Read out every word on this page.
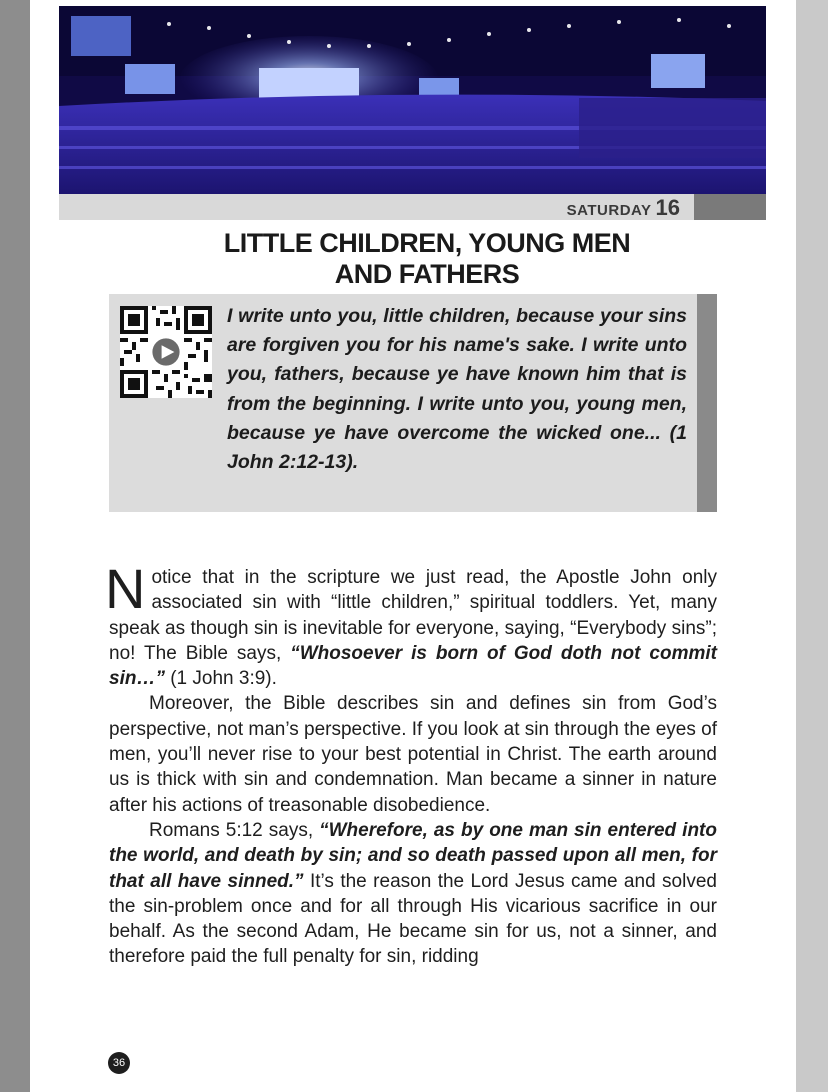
SATURDAY 16
LITTLE CHILDREN, YOUNG MEN
AND FATHERS

I write unto you, little children, because your sins are forgiven you for his name's sake. I write unto you, fathers, because ye have known him that is from the beginning. I write unto you, young men, because ye have overcome the wicked one... (1 John 2:12-13).

Notice that in the scripture we just read, the Apostle John only associated sin with “little children,” spiritual toddlers. Yet, many speak as though sin is inevitable for everyone, saying, “Everybody sins”; no! The Bible says, “Whosoever is born of God doth not commit sin…” (1 John 3:9).

Moreover, the Bible describes sin and defines sin from God’s perspective, not man’s perspective. If you look at sin through the eyes of men, you’ll never rise to your best potential in Christ. The earth around us is thick with sin and condemnation. Man became a sinner in nature after his actions of treasonable disobedience.

Romans 5:12 says, “Wherefore, as by one man sin entered into the world, and death by sin; and so death passed upon all men, for that all have sinned.” It’s the reason the Lord Jesus came and solved the sin-problem once and for all through His vicarious sacrifice in our behalf. As the second Adam, He became sin for us, not a sinner, and therefore paid the full penalty for sin, ridding

36
